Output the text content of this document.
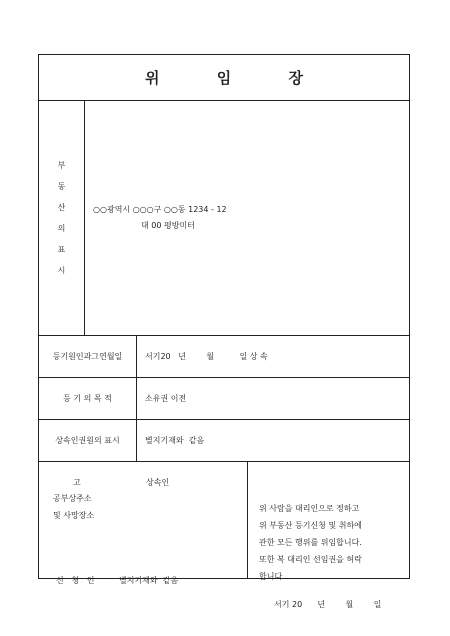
위 임 장
부
동
산
의
표
시
○○광역시 ○○○구 ○○동 1234 - 12
대 00 평방미터
등기원인과그연월일	서기20   년        월          일 상 속
등 기 의 목 적	소유권 이전
상속인권원의 표시	별지기재와  같음
고	상속인
공부상주소
및 사망장소
신   청   인	별지기재와  같음
위 사람을 대리인으로 정하고
위 부동산 등기신청 및 취하에
관한 모든 행위를 위임합니다.
또한 복 대리인 선임권을 허락
합니다.
서기 20      년        월        일
